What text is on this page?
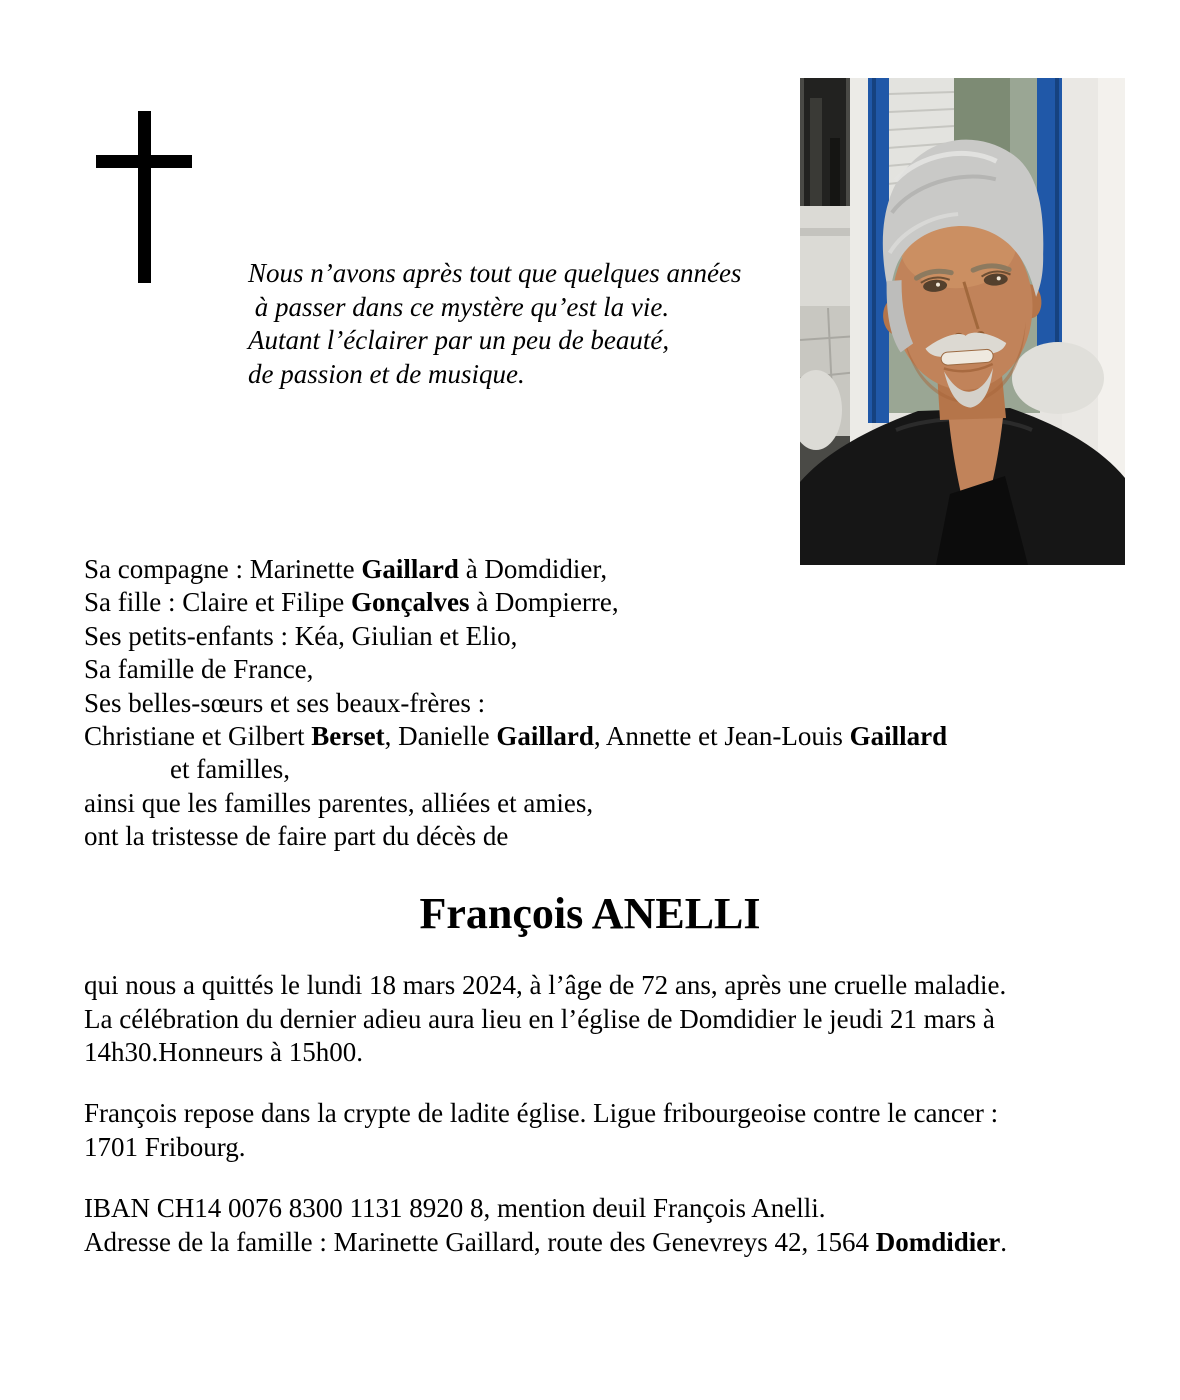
Nous n’avons après tout que quelques années
à passer dans ce mystère qu’est la vie.
Autant l’éclairer par un peu de beauté,
de passion et de musique.
Sa compagne : Marinette Gaillard à Domdidier,
Sa fille : Claire et Filipe Gonçalves à Dompierre,
Ses petits-enfants : Kéa, Giulian et Elio,
Sa famille de France,
Ses belles-sœurs et ses beaux-frères :
Christiane et Gilbert Berset, Danielle Gaillard, Annette et Jean-Louis Gaillard
et familles,
ainsi que les familles parentes, alliées et amies,
ont la tristesse de faire part du décès de
François ANELLI
qui nous a quittés le lundi 18 mars 2024, à l’âge de 72 ans, après une cruelle maladie.
La célébration du dernier adieu aura lieu en l’église de Domdidier le jeudi 21 mars à
14h30.Honneurs à 15h00.
François repose dans la crypte de ladite église. Ligue fribourgeoise contre le cancer :
1701 Fribourg.
IBAN CH14 0076 8300 1131 8920 8, mention deuil François Anelli.
Adresse de la famille : Marinette Gaillard, route des Genevreys 42, 1564 Domdidier.
